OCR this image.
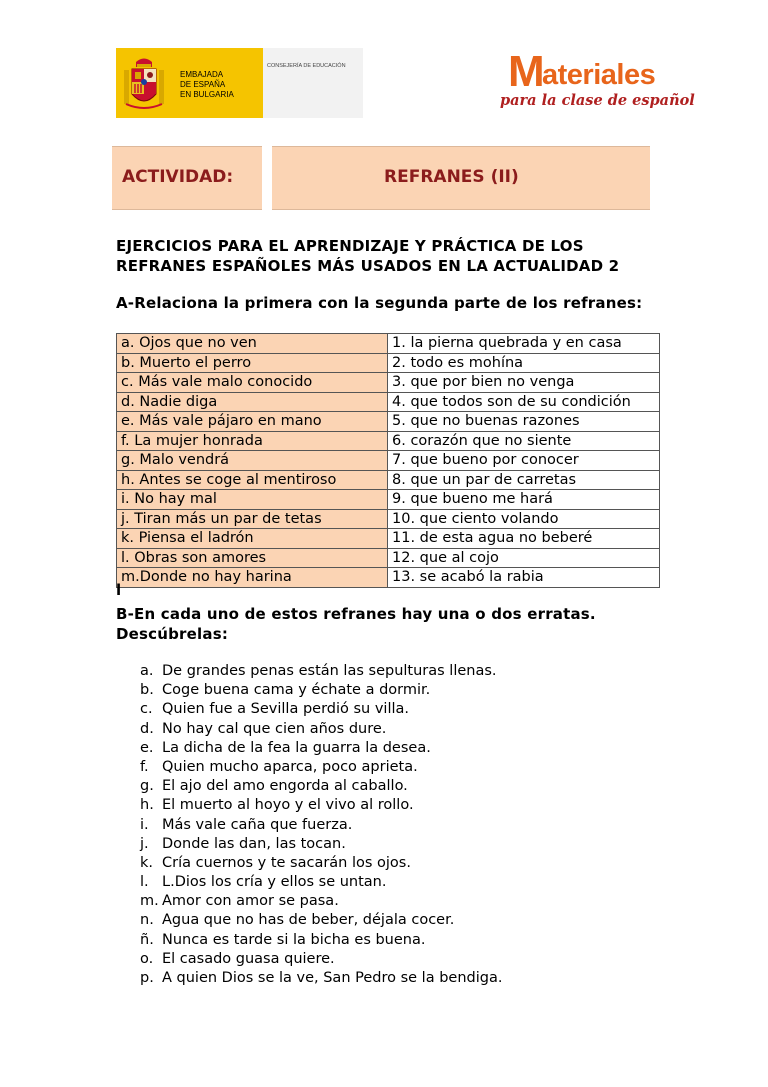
EMBAJADA
DE ESPAÑA
EN BULGARIA
CONSEJERÍA DE EDUCACIÓN	M
ateriales
para la clase de español
ACTIVIDAD:	REFRANES (II)
EJERCICIOS PARA EL APRENDIZAJE Y PRÁCTICA DE LOS
REFRANES ESPAÑOLES MÁS USADOS EN LA ACTUALIDAD 2
A-Relaciona la primera con la segunda parte de los refranes:
a. Ojos que no ven	1. la pierna quebrada y en casa
b. Muerto el perro	2. todo es mohína
c. Más vale malo conocido	3. que por bien no venga
d. Nadie diga	4. que todos son de su condición
e. Más vale pájaro en mano	5. que no buenas razones
f. La mujer honrada	6. corazón que no siente
g. Malo vendrá	7. que bueno por conocer
h. Antes se coge al mentiroso	8. que un par de carretas
i. No hay mal	9. que bueno me hará
j. Tiran más un par de tetas	10. que ciento volando
k. Piensa el ladrón	11. de esta agua no beberé
l. Obras son amores	12. que al cojo
m.Donde no hay harina	13. se acabó la rabia
l
B-En cada uno de estos refranes hay una o dos erratas.
Descúbrelas:
a. De grandes penas están las sepulturas llenas.
b. Coge buena cama y échate a dormir.
c. Quien fue a Sevilla perdió su villa.
d. No hay cal que cien años dure.
e. La dicha de la fea la guarra la desea.
f. Quien mucho aparca, poco aprieta.
g. El ajo del amo engorda al caballo.
h. El muerto al hoyo y el vivo al rollo.
i. Más vale caña que fuerza.
j. Donde las dan, las tocan.
k. Cría cuernos y te sacarán los ojos.
l. L.Dios los cría y ellos se untan.
m. Amor con amor se pasa.
n. Agua que no has de beber, déjala cocer.
ñ. Nunca es tarde si la bicha es buena.
o. El casado guasa quiere.
p. A quien Dios se la ve, San Pedro se la bendiga.
